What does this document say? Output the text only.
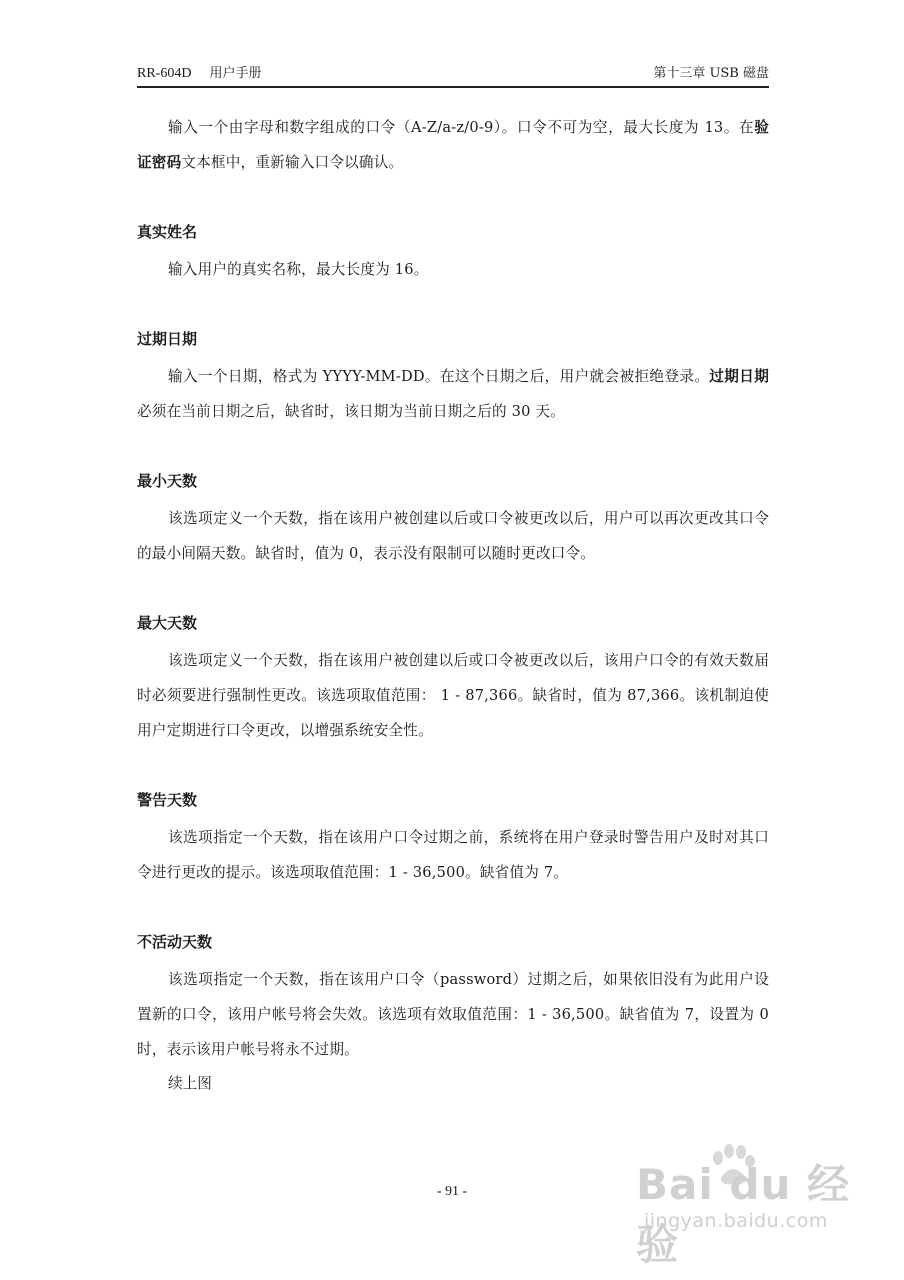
RR-604D 用户手册	第十三章 USB 磁盘

输入一个由字母和数字组成的口令（A-Z/a-z/0-9）。口令不可为空，最大长度为 13。在验证密码文本框中，重新输入口令以确认。

真实姓名

输入用户的真实名称，最大长度为 16。

过期日期

输入一个日期，格式为 YYYY-MM-DD。在这个日期之后，用户就会被拒绝登录。过期日期必须在当前日期之后，缺省时，该日期为当前日期之后的 30 天。

最小天数

该选项定义一个天数，指在该用户被创建以后或口令被更改以后，用户可以再次更改其口令的最小间隔天数。缺省时，值为 0，表示没有限制可以随时更改口令。

最大天数

该选项定义一个天数，指在该用户被创建以后或口令被更改以后，该用户口令的有效天数届时必须要进行强制性更改。该选项取值范围： 1 - 87,366。缺省时，值为 87,366。该机制迫使用户定期进行口令更改，以增强系统安全性。

警告天数

该选项指定一个天数，指在该用户口令过期之前，系统将在用户登录时警告用户及时对其口令进行更改的提示。该选项取值范围：1 - 36,500。缺省值为 7。

不活动天数

该选项指定一个天数，指在该用户口令（password）过期之后，如果依旧没有为此用户设置新的口令，该用户帐号将会失效。该选项有效取值范围：1 - 36,500。缺省值为 7，设置为 0 时，表示该用户帐号将永不过期。

续上图

- 91 -	Bai du 经验
jingyan.baidu.com
